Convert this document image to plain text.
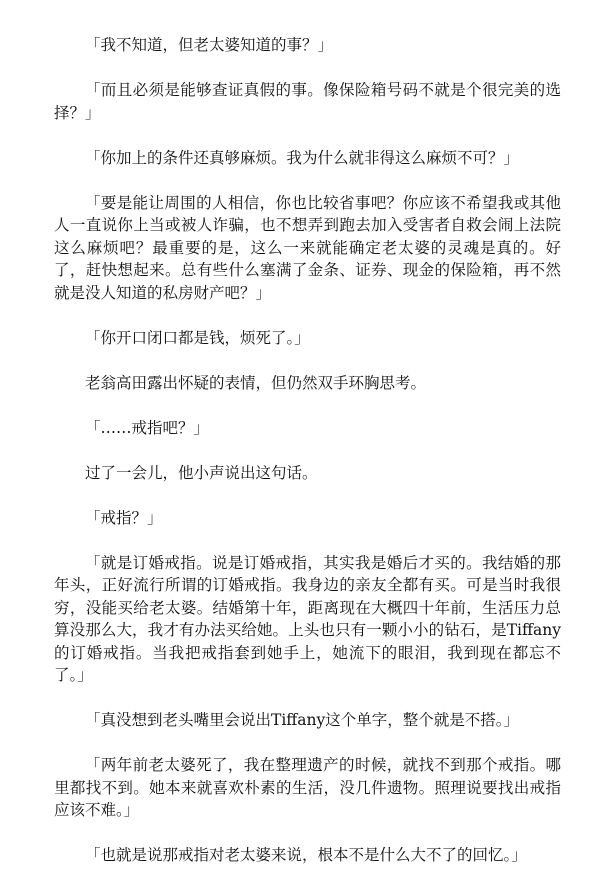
「我不知道，但老太婆知道的事？」

「而且必须是能够查证真假的事。像保险箱号码不就是个很完美的选择？」

「你加上的条件还真够麻烦。我为什么就非得这么麻烦不可？」

「要是能让周围的人相信，你也比较省事吧？你应该不希望我或其他人一直说你上当或被人诈骗，也不想弄到跑去加入受害者自救会闹上法院这么麻烦吧？最重要的是，这么一来就能确定老太婆的灵魂是真的。好了，赶快想起来。总有些什么塞满了金条、证券、现金的保险箱，再不然就是没人知道的私房财产吧？」

「你开口闭口都是钱，烦死了。」

老翁高田露出怀疑的表情，但仍然双手环胸思考。

「……戒指吧？」

过了一会儿，他小声说出这句话。

「戒指？」

「就是订婚戒指。说是订婚戒指，其实我是婚后才买的。我结婚的那年头，正好流行所谓的订婚戒指。我身边的亲友全都有买。可是当时我很穷，没能买给老太婆。结婚第十年，距离现在大概四十年前，生活压力总算没那么大，我才有办法买给她。上头也只有一颗小小的钻石，是Tiffany的订婚戒指。当我把戒指套到她手上，她流下的眼泪，我到现在都忘不了。」

「真没想到老头嘴里会说出Tiffany这个单字，整个就是不搭。」

「两年前老太婆死了，我在整理遗产的时候，就找不到那个戒指。哪里都找不到。她本来就喜欢朴素的生活，没几件遗物。照理说要找出戒指应该不难。」

「也就是说那戒指对老太婆来说，根本不是什么大不了的回忆。」
